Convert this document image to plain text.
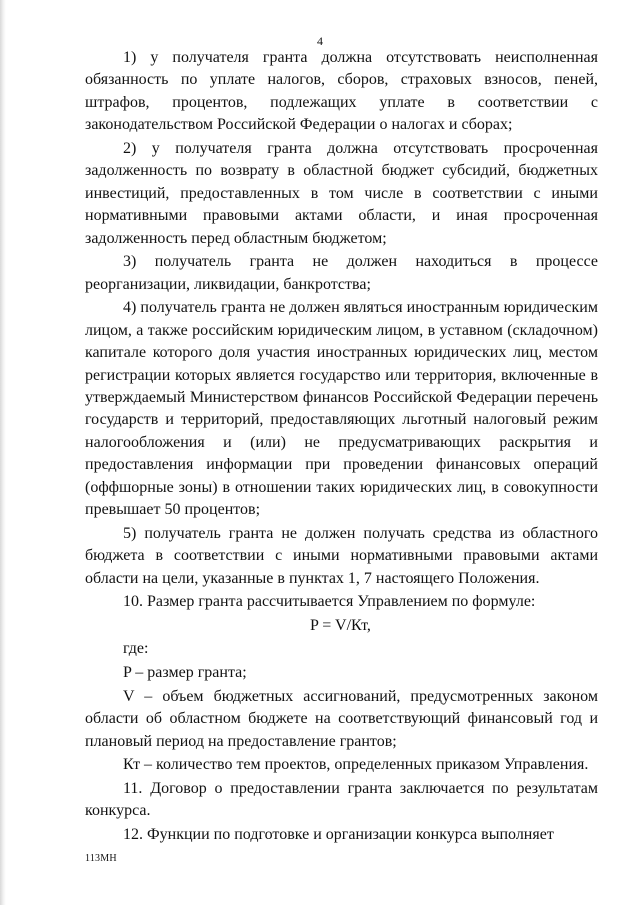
4

1) у получателя гранта должна отсутствовать неисполненная обязанность по уплате налогов, сборов, страховых взносов, пеней, штрафов, процентов, подлежащих уплате в соответствии с законодательством Российской Федерации о налогах и сборах;

2) у получателя гранта должна отсутствовать просроченная задолженность по возврату в областной бюджет субсидий, бюджетных инвестиций, предоставленных в том числе в соответствии с иными нормативными правовыми актами области, и иная просроченная задолженность перед областным бюджетом;

3) получатель гранта не должен находиться в процессе реорганизации, ликвидации, банкротства;

4) получатель гранта не должен являться иностранным юридическим лицом, а также российским юридическим лицом, в уставном (складочном) капитале которого доля участия иностранных юридических лиц, местом регистрации которых является государство или территория, включенные в утверждаемый Министерством финансов Российской Федерации перечень государств и территорий, предоставляющих льготный налоговый режим налогообложения и (или) не предусматривающих раскрытия и предоставления информации при проведении финансовых операций (оффшорные зоны) в отношении таких юридических лиц, в совокупности превышает 50 процентов;

5) получатель гранта не должен получать средства из областного бюджета в соответствии с иными нормативными правовыми актами области на цели, указанные в пунктах 1, 7 настоящего Положения.

10. Размер гранта рассчитывается Управлением по формуле:

P = V/Кт,

где:

P – размер гранта;

V – объем бюджетных ассигнований, предусмотренных законом области об областном бюджете на соответствующий финансовый год и плановый период на предоставление грантов;

Кт – количество тем проектов, определенных приказом Управления.

11. Договор о предоставлении гранта заключается по результатам конкурса.

12. Функции по подготовке и организации конкурса выполняет

113МН
